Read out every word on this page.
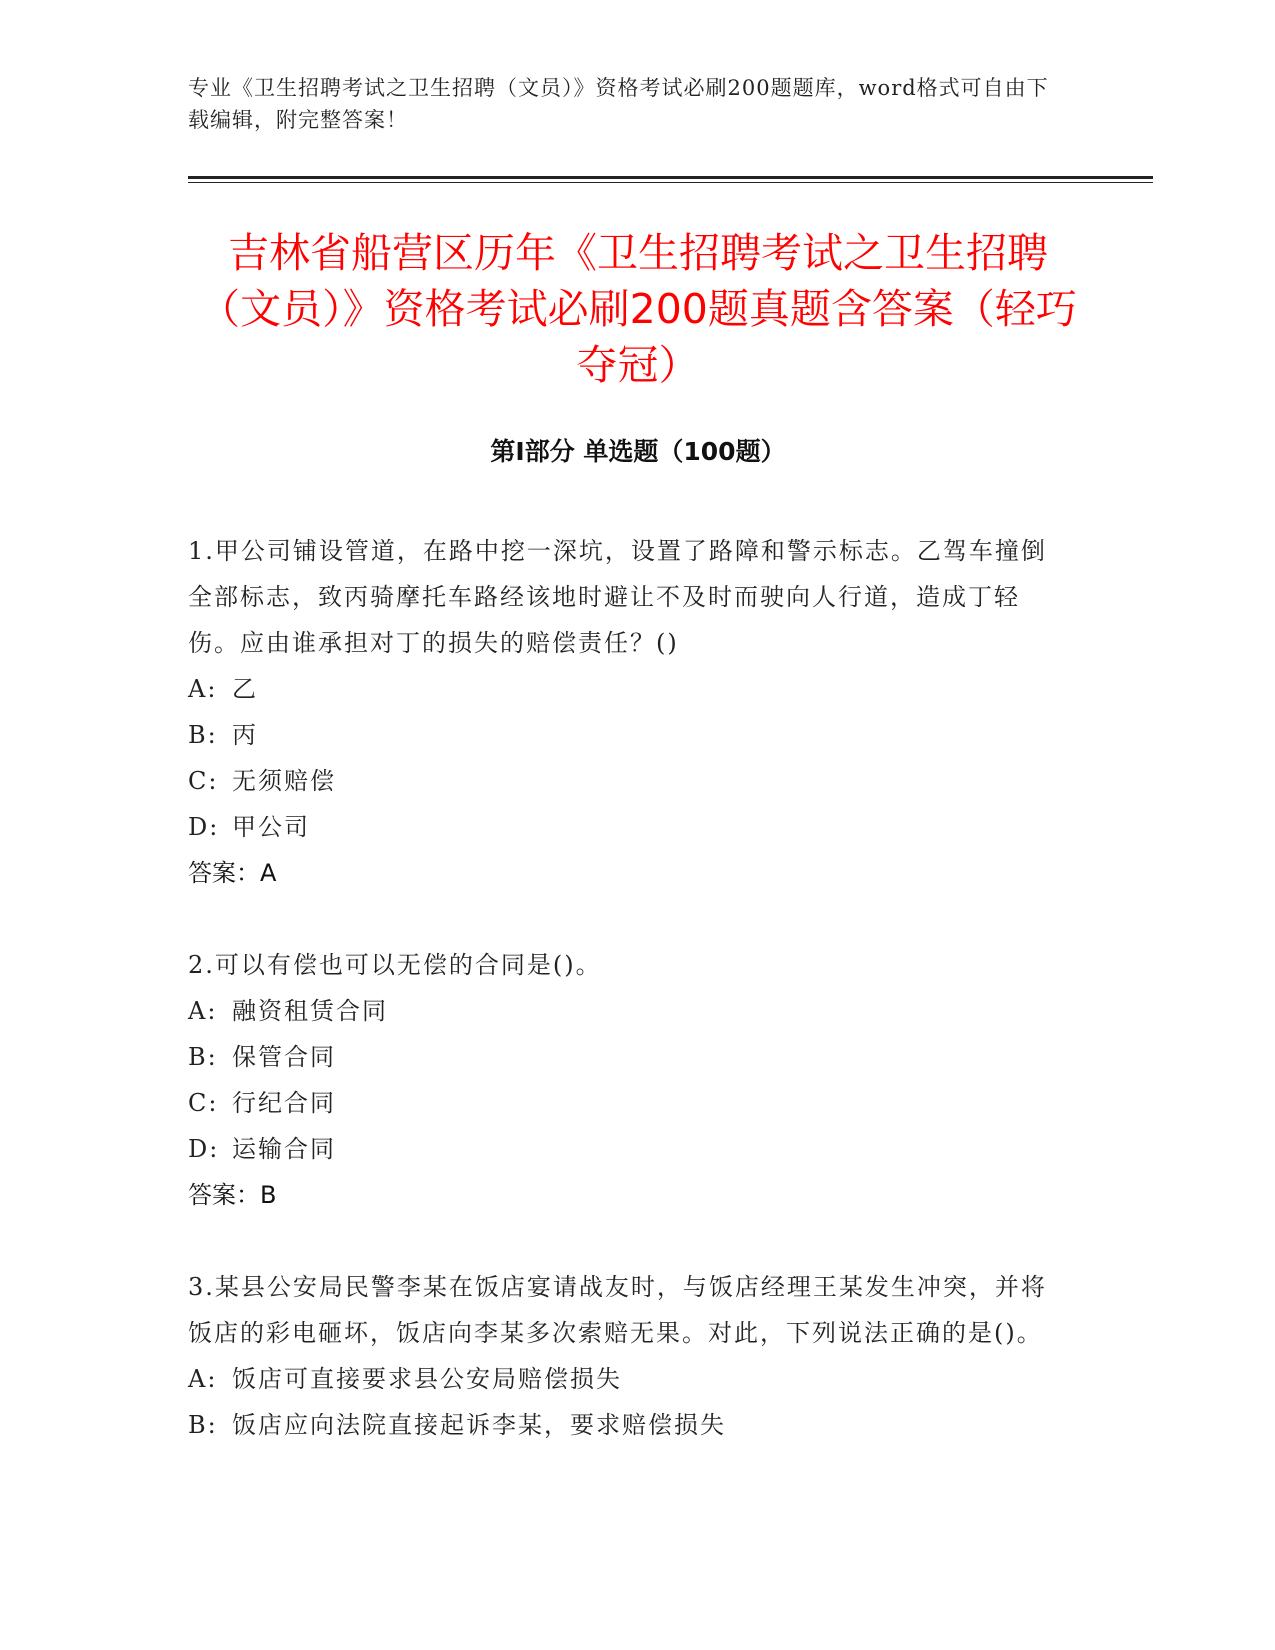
专业《卫生招聘考试之卫生招聘（文员）》资格考试必刷200题题库，word格式可自由下载编辑，附完整答案！
吉林省船营区历年《卫生招聘考试之卫生招聘（文员）》资格考试必刷200题真题含答案（轻巧夺冠）
第Ⅰ部分 单选题（100题）
1.甲公司铺设管道，在路中挖一深坑，设置了路障和警示标志。乙驾车撞倒全部标志，致丙骑摩托车路经该地时避让不及时而驶向人行道，造成丁轻伤。应由谁承担对丁的损失的赔偿责任？()
A: 乙
B: 丙
C: 无须赔偿
D: 甲公司
答案：A
2.可以有偿也可以无偿的合同是()。
A: 融资租赁合同
B: 保管合同
C: 行纪合同
D: 运输合同
答案：B
3.某县公安局民警李某在饭店宴请战友时，与饭店经理王某发生冲突，并将饭店的彩电砸坏，饭店向李某多次索赔无果。对此，下列说法正确的是()。
A: 饭店可直接要求县公安局赔偿损失
B: 饭店应向法院直接起诉李某，要求赔偿损失
